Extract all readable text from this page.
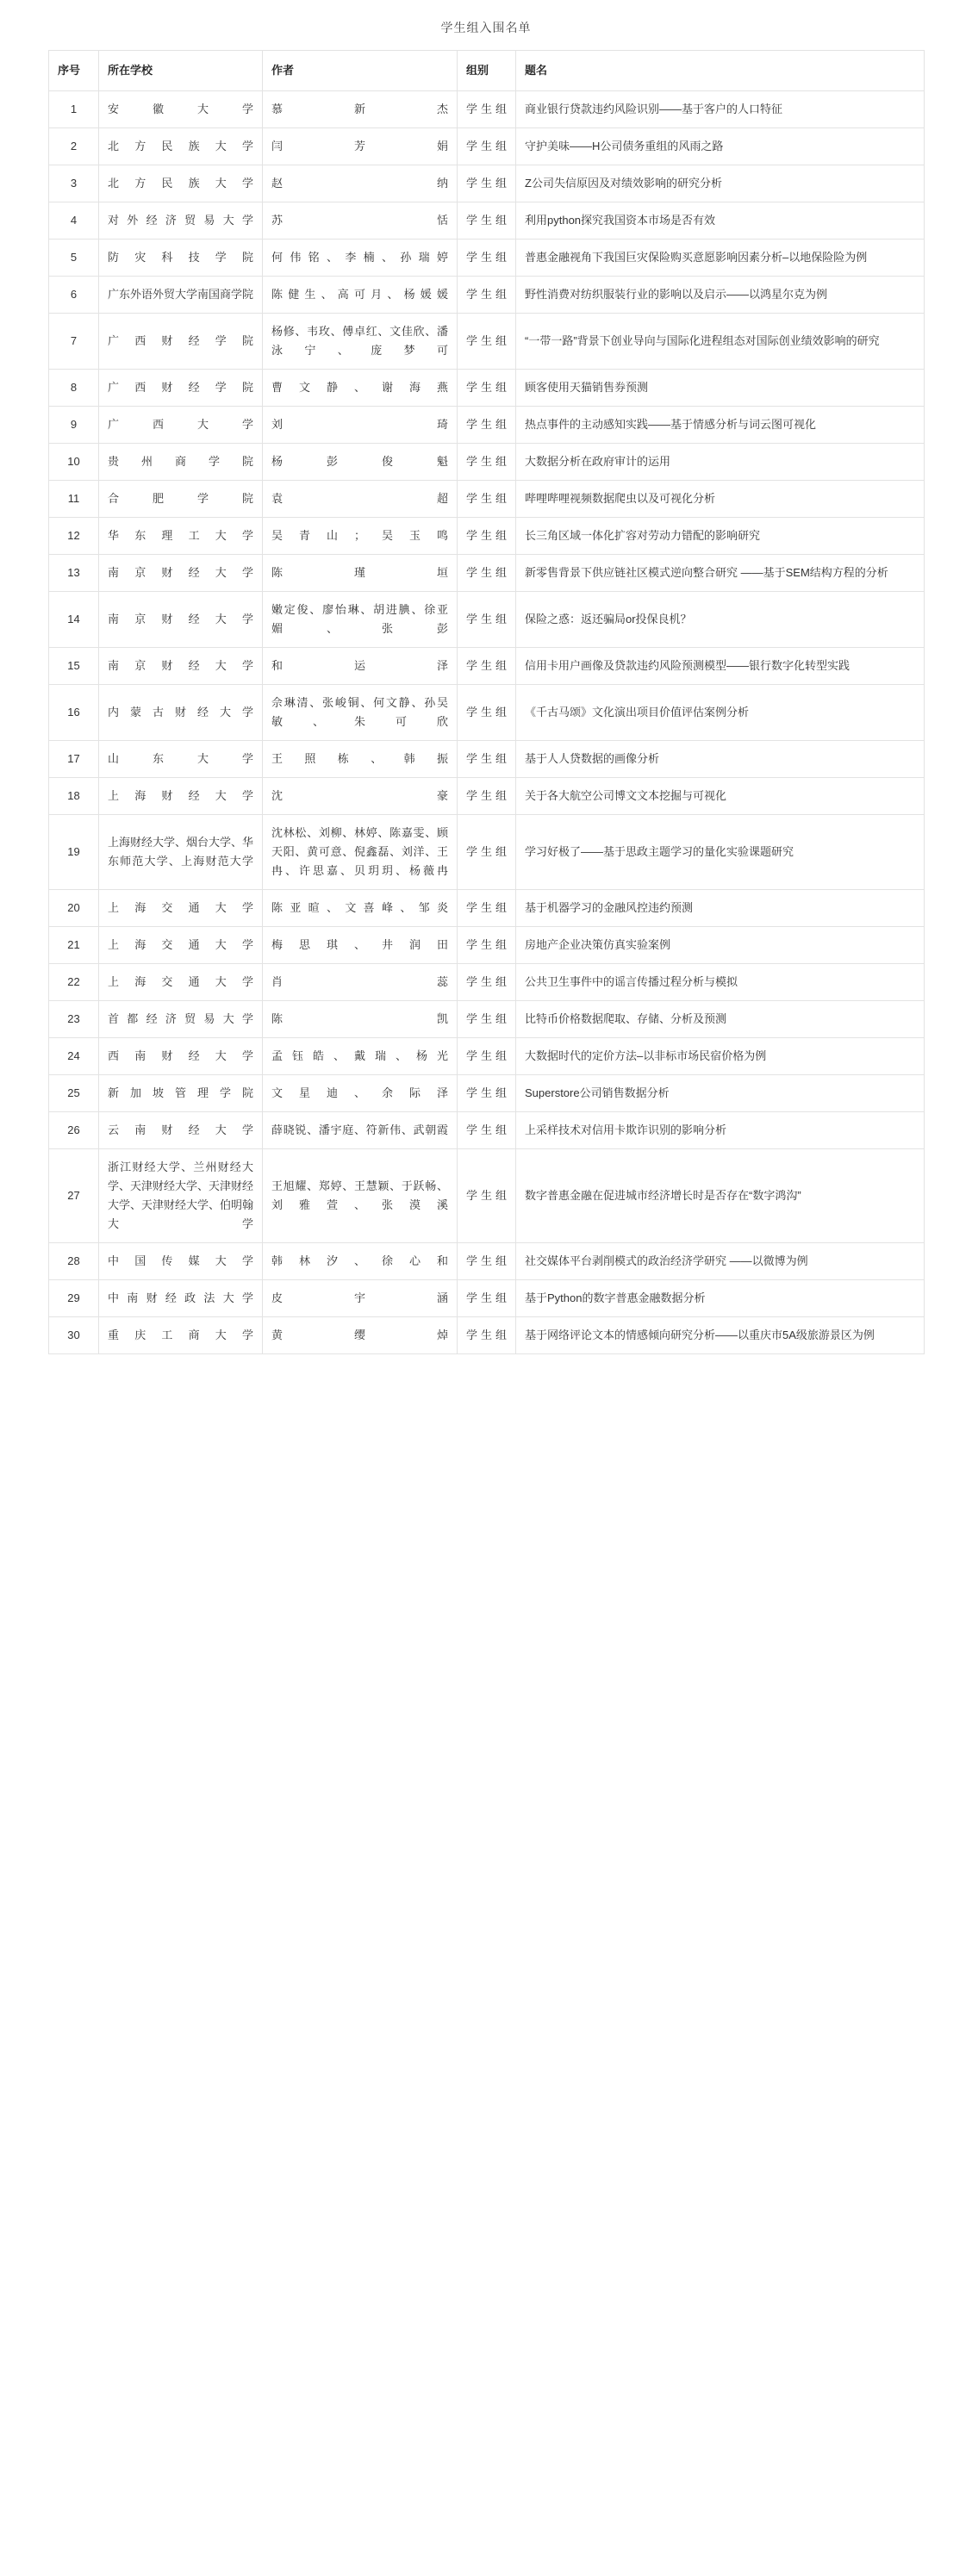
学生组入围名单
序号	所在学校	作者	组别	题名
1	安徽大学	慕新杰	学生组	商业银行贷款违约风险识别——基于客户的人口特征
2	北方民族大学	闫芳娟	学生组	守护美味——H公司债务重组的风雨之路
3	北方民族大学	赵纳	学生组	Z公司失信原因及对绩效影响的研究分析
4	对外经济贸易大学	苏恬	学生组	利用python探究我国资本市场是否有效
5	防灾科技学院	何伟铭、李楠、孙瑞婷	学生组	普惠金融视角下我国巨灾保险购买意愿影响因素分析–以地保险险为例
6	广东外语外贸大学南国商学院	陈健生、高可月、杨媛媛	学生组	野性消费对纺织服装行业的影响以及启示——以鸿星尔克为例
7	广西财经学院	杨修、韦玫、傅卓红、文佳欣、潘泳宁、庞梦可	学生组	“一带一路”背景下创业导向与国际化进程组态对国际创业绩效影响的研究
8	广西财经学院	曹文静、谢海燕	学生组	顾客使用天猫销售券预测
9	广西大学	刘琦	学生组	热点事件的主动感知实践——基于情感分析与词云图可视化
10	贵州商学院	杨彭俊魁	学生组	大数据分析在政府审计的运用
11	合肥学院	袁超	学生组	哔哩哔哩视频数据爬虫以及可视化分析
12	华东理工大学	吴青山；吴玉鸣	学生组	长三角区域一体化扩容对劳动力错配的影响研究
13	南京财经大学	陈瑾垣	学生组	新零售背景下供应链社区模式逆向整合研究 ——基于SEM结构方程的分析
14	南京财经大学	嫩定俊、廖怡琳、胡进腆、徐亚媚、张彭	学生组	保险之惑：返还骗局or投保良机？
15	南京财经大学	和运泽	学生组	信用卡用户画像及贷款违约风险预测模型——银行数字化转型实践
16	内蒙古财经大学	佘琳清、张峻铜、何文静、孙吴敏、朱可欣	学生组	《千古马颂》文化演出项目价值评估案例分析
17	山东大学	王照栋、韩振	学生组	基于人人贷数据的画像分析
18	上海财经大学	沈豪	学生组	关于各大航空公司博文文本挖掘与可视化
19	上海财经大学、烟台大学、华东师范大学、上海财范大学	沈林松、刘柳、林婷、陈嘉雯、顾天阳、黄可意、倪鑫磊、刘洋、王冉、许思嘉、贝玥玥、杨薇冉	学生组	学习好极了——基于思政主题学习的量化实验课题研究
20	上海交通大学	陈亚暄、文喜峰、邹炎	学生组	基于机器学习的金融风控违约预测
21	上海交通大学	梅思琪、井润田	学生组	房地产企业决策仿真实验案例
22	上海交通大学	肖蕊	学生组	公共卫生事件中的谣言传播过程分析与模拟
23	首都经济贸易大学	陈凯	学生组	比特币价格数据爬取、存储、分析及预测
24	西南财经大学	孟钰皓、戴瑞、杨光	学生组	大数据时代的定价方法–以非标市场民宿价格为例
25	新加坡管理学院	文星迪、余际泽	学生组	Superstore公司销售数据分析
26	云南财经大学	薛晓锐、潘宇庭、符新伟、武朝霞	学生组	上采样技术对信用卡欺诈识别的影响分析
27	浙江财经大学、兰州财经大学、天津财经大学、天津财经大学、天津财经大学、伯明翰大学	王旭耀、郑婷、王慧颖、于跃畅、刘雅萱、张漠溪	学生组	数字普惠金融在促进城市经济增长时是否存在“数字鸿沟”
28	中国传媒大学	韩林汐、徐心和	学生组	社交媒体平台剥削模式的政治经济学研究 ——以微博为例
29	中南财经政法大学	皮宇涵	学生组	基于Python的数字普惠金融数据分析
30	重庆工商大学	黄缨焯	学生组	基于网络评论文本的情感倾向研究分析——以重庆市5A级旅游景区为例
